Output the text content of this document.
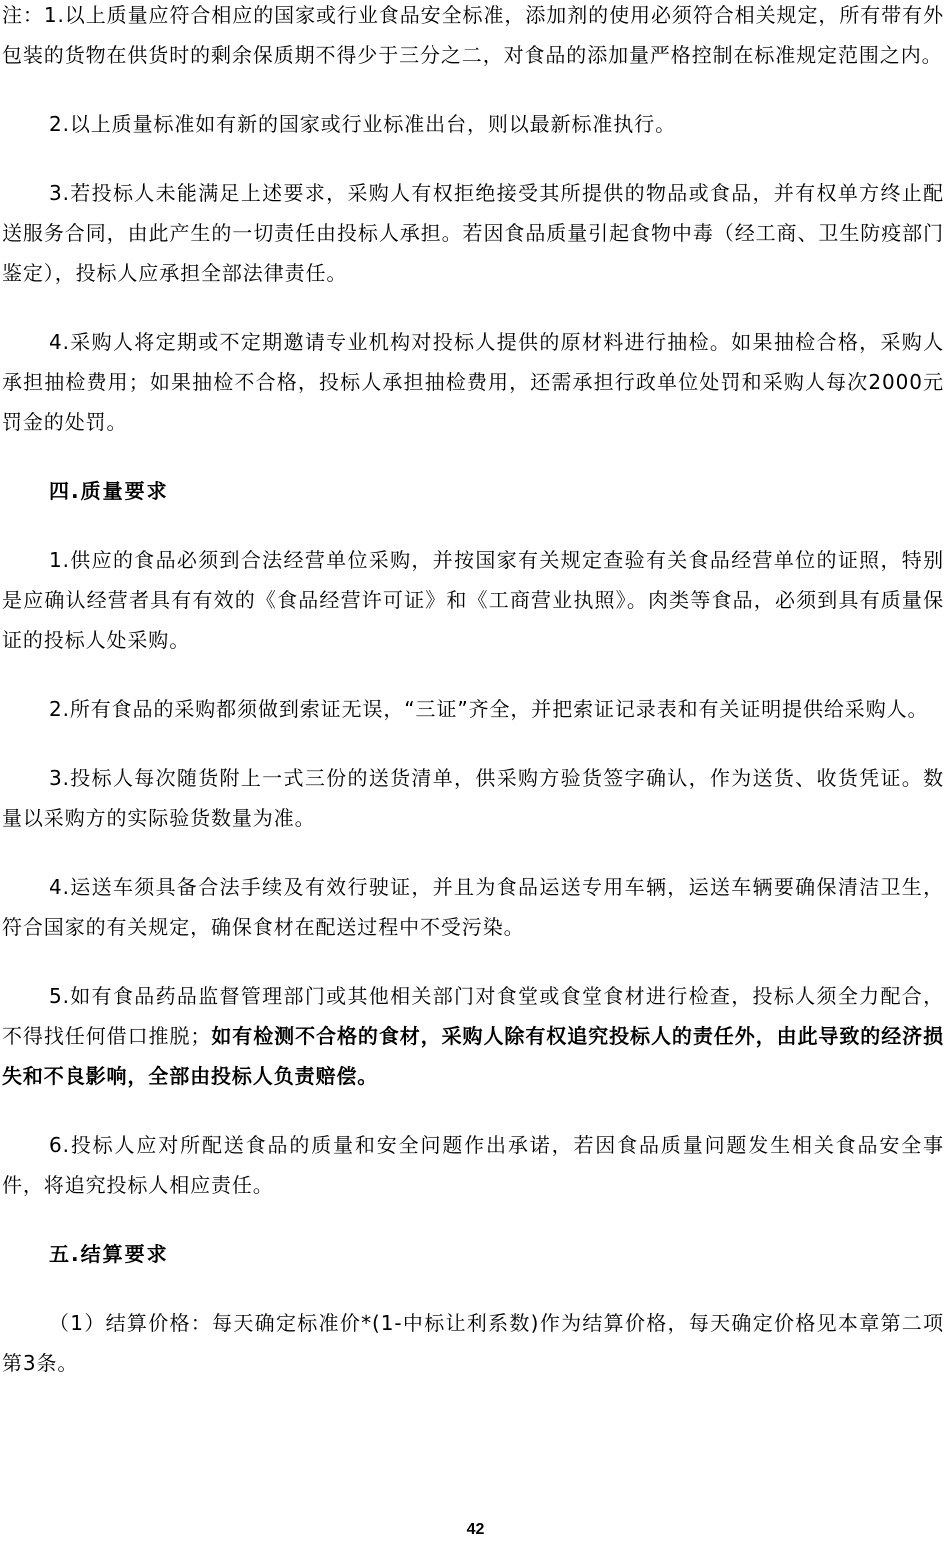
注：1.以上质量应符合相应的国家或行业食品安全标准，添加剂的使用必须符合相关规定，所有带有外包装的货物在供货时的剩余保质期不得少于三分之二，对食品的添加量严格控制在标准规定范围之内。

2.以上质量标准如有新的国家或行业标准出台，则以最新标准执行。

3.若投标人未能满足上述要求，采购人有权拒绝接受其所提供的物品或食品，并有权单方终止配送服务合同，由此产生的一切责任由投标人承担。若因食品质量引起食物中毒（经工商、卫生防疫部门鉴定），投标人应承担全部法律责任。

4.采购人将定期或不定期邀请专业机构对投标人提供的原材料进行抽检。如果抽检合格，采购人承担抽检费用；如果抽检不合格，投标人承担抽检费用，还需承担行政单位处罚和采购人每次2000元罚金的处罚。

四.质量要求

1.供应的食品必须到合法经营单位采购，并按国家有关规定查验有关食品经营单位的证照，特别是应确认经营者具有有效的《食品经营许可证》和《工商营业执照》。肉类等食品，必须到具有质量保证的投标人处采购。

2.所有食品的采购都须做到索证无误，“三证”齐全，并把索证记录表和有关证明提供给采购人。

3.投标人每次随货附上一式三份的送货清单，供采购方验货签字确认，作为送货、收货凭证。数量以采购方的实际验货数量为准。

4.运送车须具备合法手续及有效行驶证，并且为食品运送专用车辆，运送车辆要确保清洁卫生，符合国家的有关规定，确保食材在配送过程中不受污染。

5.如有食品药品监督管理部门或其他相关部门对食堂或食堂食材进行检查，投标人须全力配合，不得找任何借口推脱；如有检测不合格的食材，采购人除有权追究投标人的责任外，由此导致的经济损失和不良影响，全部由投标人负责赔偿。

6.投标人应对所配送食品的质量和安全问题作出承诺，若因食品质量问题发生相关食品安全事件，将追究投标人相应责任。

五.结算要求

（1）结算价格：每天确定标准价*(1-中标让利系数)作为结算价格，每天确定价格见本章第二项第3条。

42
